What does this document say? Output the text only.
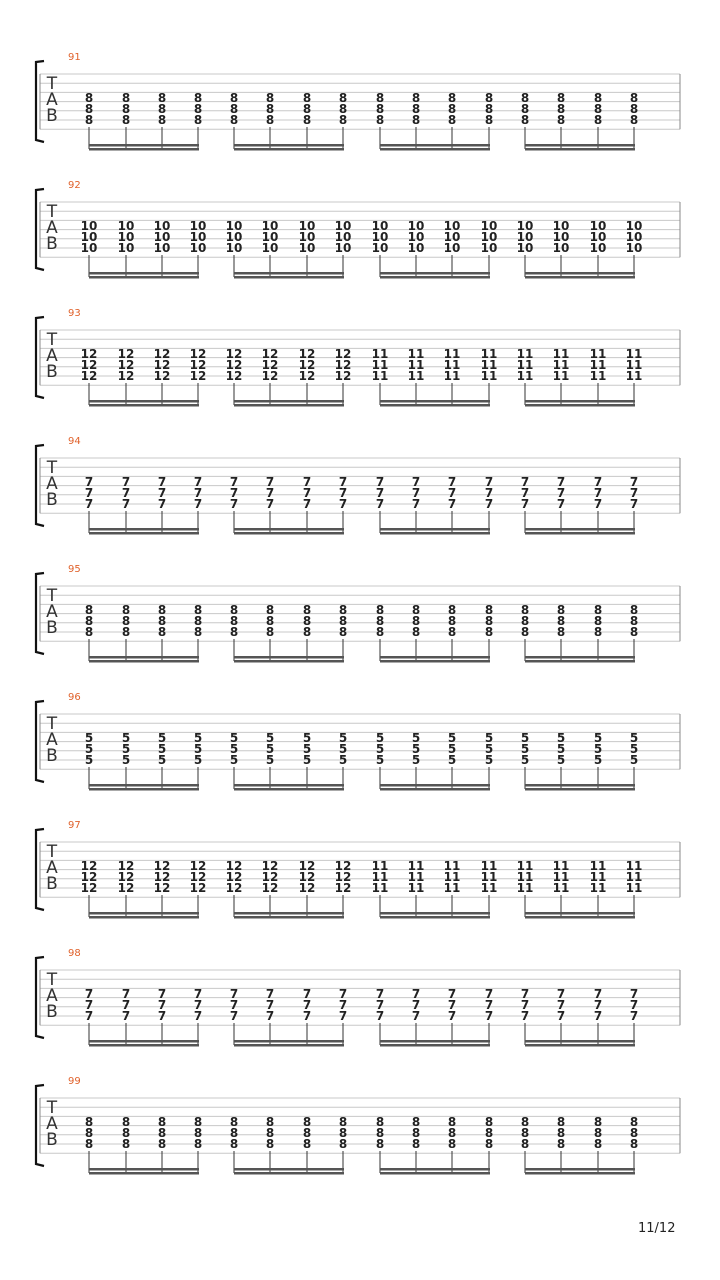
91
T
A
B
8
8
8
8
8
8
8
8
8
8
8
8
8
8
8
8
8
8
8
8
8
8
8
8
8
8
8
8
8
8
8
8
8
8
8
8
8
8
8
8
8
8
8
8
8
8
8
8
92
T
A
B
10
10
10
10
10
10
10
10
10
10
10
10
10
10
10
10
10
10
10
10
10
10
10
10
10
10
10
10
10
10
10
10
10
10
10
10
10
10
10
10
10
10
10
10
10
10
10
10
93
T
A
B
12
12
12
12
12
12
12
12
12
12
12
12
12
12
12
12
12
12
12
12
12
12
12
12
11
11
11
11
11
11
11
11
11
11
11
11
11
11
11
11
11
11
11
11
11
11
11
11
94
T
A
B
7
7
7
7
7
7
7
7
7
7
7
7
7
7
7
7
7
7
7
7
7
7
7
7
7
7
7
7
7
7
7
7
7
7
7
7
7
7
7
7
7
7
7
7
7
7
7
7
95
T
A
B
8
8
8
8
8
8
8
8
8
8
8
8
8
8
8
8
8
8
8
8
8
8
8
8
8
8
8
8
8
8
8
8
8
8
8
8
8
8
8
8
8
8
8
8
8
8
8
8
96
T
A
B
5
5
5
5
5
5
5
5
5
5
5
5
5
5
5
5
5
5
5
5
5
5
5
5
5
5
5
5
5
5
5
5
5
5
5
5
5
5
5
5
5
5
5
5
5
5
5
5
97
T
A
B
12
12
12
12
12
12
12
12
12
12
12
12
12
12
12
12
12
12
12
12
12
12
12
12
11
11
11
11
11
11
11
11
11
11
11
11
11
11
11
11
11
11
11
11
11
11
11
11
98
T
A
B
7
7
7
7
7
7
7
7
7
7
7
7
7
7
7
7
7
7
7
7
7
7
7
7
7
7
7
7
7
7
7
7
7
7
7
7
7
7
7
7
7
7
7
7
7
7
7
7
99
T
A
B
8
8
8
8
8
8
8
8
8
8
8
8
8
8
8
8
8
8
8
8
8
8
8
8
8
8
8
8
8
8
8
8
8
8
8
8
8
8
8
8
8
8
8
8
8
8
8
8
11/12
